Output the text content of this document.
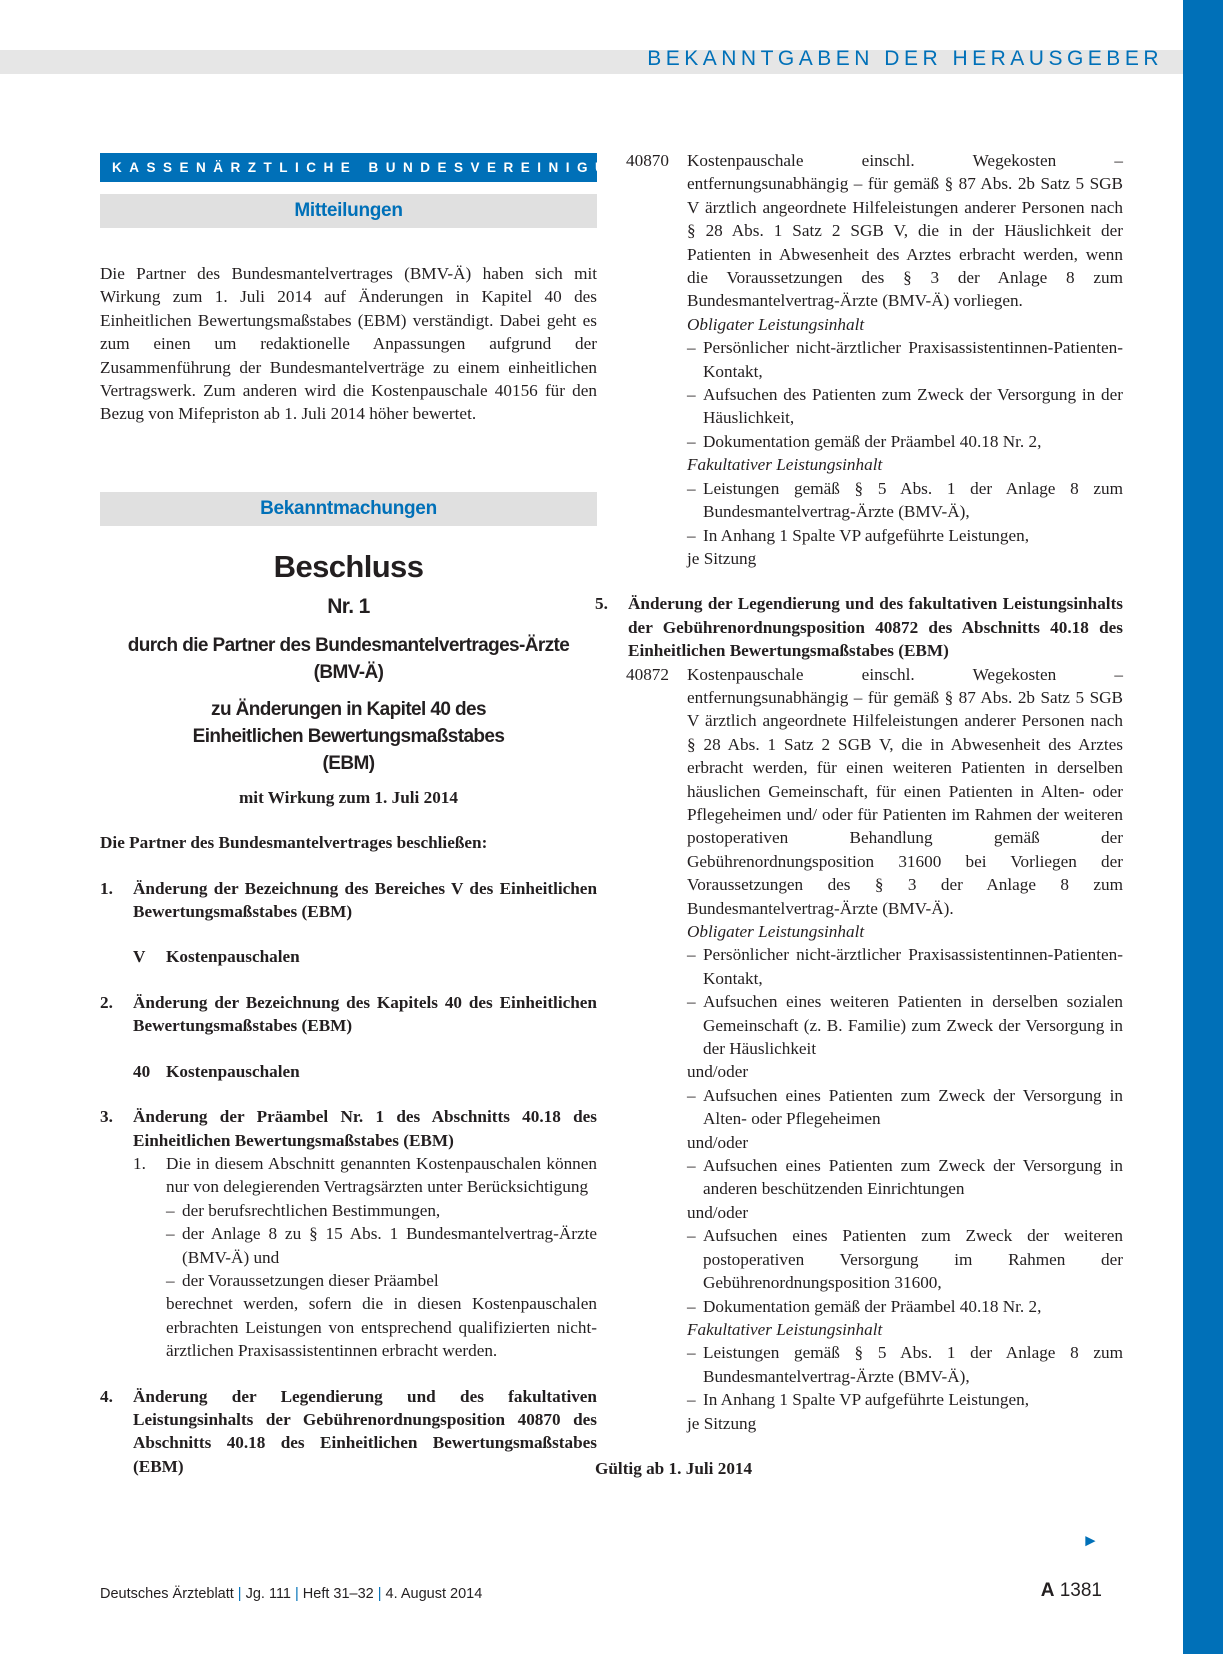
BEKANNTGABEN DER HERAUSGEBER
KASSENÄRZTLICHE BUNDESVEREINIGUNG
Mitteilungen
Die Partner des Bundesmantelvertrages (BMV-Ä) haben sich mit Wirkung zum 1. Juli 2014 auf Änderungen in Kapitel 40 des Einheitlichen Bewertungsmaßstabes (EBM) verständigt. Dabei geht es zum einen um redaktionelle Anpassungen aufgrund der Zusammenführung der Bundesmantelverträge zu einem einheitlichen Vertragswerk. Zum anderen wird die Kostenpauschale 40156 für den Bezug von Mifepriston ab 1. Juli 2014 höher bewertet.
Bekanntmachungen
Beschluss
Nr. 1
durch die Partner des Bundesmantelvertrages-Ärzte (BMV-Ä)
zu Änderungen in Kapitel 40 des Einheitlichen Bewertungsmaßstabes (EBM)
mit Wirkung zum 1. Juli 2014
Die Partner des Bundesmantelvertrages beschließen:
1.	Änderung der Bezeichnung des Bereiches V des Einheitlichen Bewertungsmaßstabes (EBM)
V	Kostenpauschalen
2.	Änderung der Bezeichnung des Kapitels 40 des Einheitlichen Bewertungsmaßstabes (EBM)
40 Kostenpauschalen
3.	Änderung der Präambel Nr. 1 des Abschnitts 40.18 des Einheitlichen Bewertungsmaßstabes (EBM)
1.	Die in diesem Abschnitt genannten Kostenpauschalen können nur von delegierenden Vertragsärzten unter Berücksichtigung
– der berufsrechtlichen Bestimmungen,
– der Anlage 8 zu § 15 Abs. 1 Bundesmantelvertrag-Ärzte (BMV-Ä) und
– der Voraussetzungen dieser Präambel
berechnet werden, sofern die in diesen Kostenpauschalen erbrachten Leistungen von entsprechend qualifizierten nicht-ärztlichen Praxisassistentinnen erbracht werden.
4.	Änderung der Legendierung und des fakultativen Leistungsinhalts der Gebührenordnungsposition 40870 des Abschnitts 40.18 des Einheitlichen Bewertungsmaßstabes (EBM)
40870	Kostenpauschale einschl. Wegekosten – entfernungsunabhängig – für gemäß § 87 Abs. 2b Satz 5 SGB V ärztlich angeordnete Hilfeleistungen anderer Personen nach § 28 Abs. 1 Satz 2 SGB V, die in der Häuslichkeit der Patienten in Abwesenheit des Arztes erbracht werden, wenn die Voraussetzungen des § 3 der Anlage 8 zum Bundesmantelvertrag-Ärzte (BMV-Ä) vorliegen.
Obligater Leistungsinhalt
– Persönlicher nicht-ärztlicher Praxisassistentinnen-Patienten-Kontakt,
– Aufsuchen des Patienten zum Zweck der Versorgung in der Häuslichkeit,
– Dokumentation gemäß der Präambel 40.18 Nr. 2,
Fakultativer Leistungsinhalt
– Leistungen gemäß § 5 Abs. 1 der Anlage 8 zum Bundesmantelvertrag-Ärzte (BMV-Ä),
– In Anhang 1 Spalte VP aufgeführte Leistungen,
je Sitzung
5.	Änderung der Legendierung und des fakultativen Leistungsinhalts der Gebührenordnungsposition 40872 des Abschnitts 40.18 des Einheitlichen Bewertungsmaßstabes (EBM)
40872	Kostenpauschale einschl. Wegekosten – entfernungsunabhängig – für gemäß § 87 Abs. 2b Satz 5 SGB V ärztlich angeordnete Hilfeleistungen anderer Personen nach § 28 Abs. 1 Satz 2 SGB V, die in Abwesenheit des Arztes erbracht werden, für einen weiteren Patienten in derselben häuslichen Gemeinschaft, für einen Patienten in Alten- oder Pflegeheimen und/ oder für Patienten im Rahmen der weiteren postoperativen Behandlung gemäß der Gebührenordnungsposition 31600 bei Vorliegen der Voraussetzungen des § 3 der Anlage 8 zum Bundesmantelvertrag-Ärzte (BMV-Ä).
Obligater Leistungsinhalt
– Persönlicher nicht-ärztlicher Praxisassistentinnen-Patienten-Kontakt,
– Aufsuchen eines weiteren Patienten in derselben sozialen Gemeinschaft (z. B. Familie) zum Zweck der Versorgung in der Häuslichkeit
und/oder
– Aufsuchen eines Patienten zum Zweck der Versorgung in Alten- oder Pflegeheimen
und/oder
– Aufsuchen eines Patienten zum Zweck der Versorgung in anderen beschützenden Einrichtungen
und/oder
– Aufsuchen eines Patienten zum Zweck der weiteren postoperativen Versorgung im Rahmen der Gebührenordnungsposition 31600,
– Dokumentation gemäß der Präambel 40.18 Nr. 2,
Fakultativer Leistungsinhalt
– Leistungen gemäß § 5 Abs. 1 der Anlage 8 zum Bundesmantelvertrag-Ärzte (BMV-Ä),
– In Anhang 1 Spalte VP aufgeführte Leistungen,
je Sitzung
Gültig ab 1. Juli 2014
►
Deutsches Ärzteblatt | Jg. 111 | Heft 31–32 | 4. August 2014	A 1381
